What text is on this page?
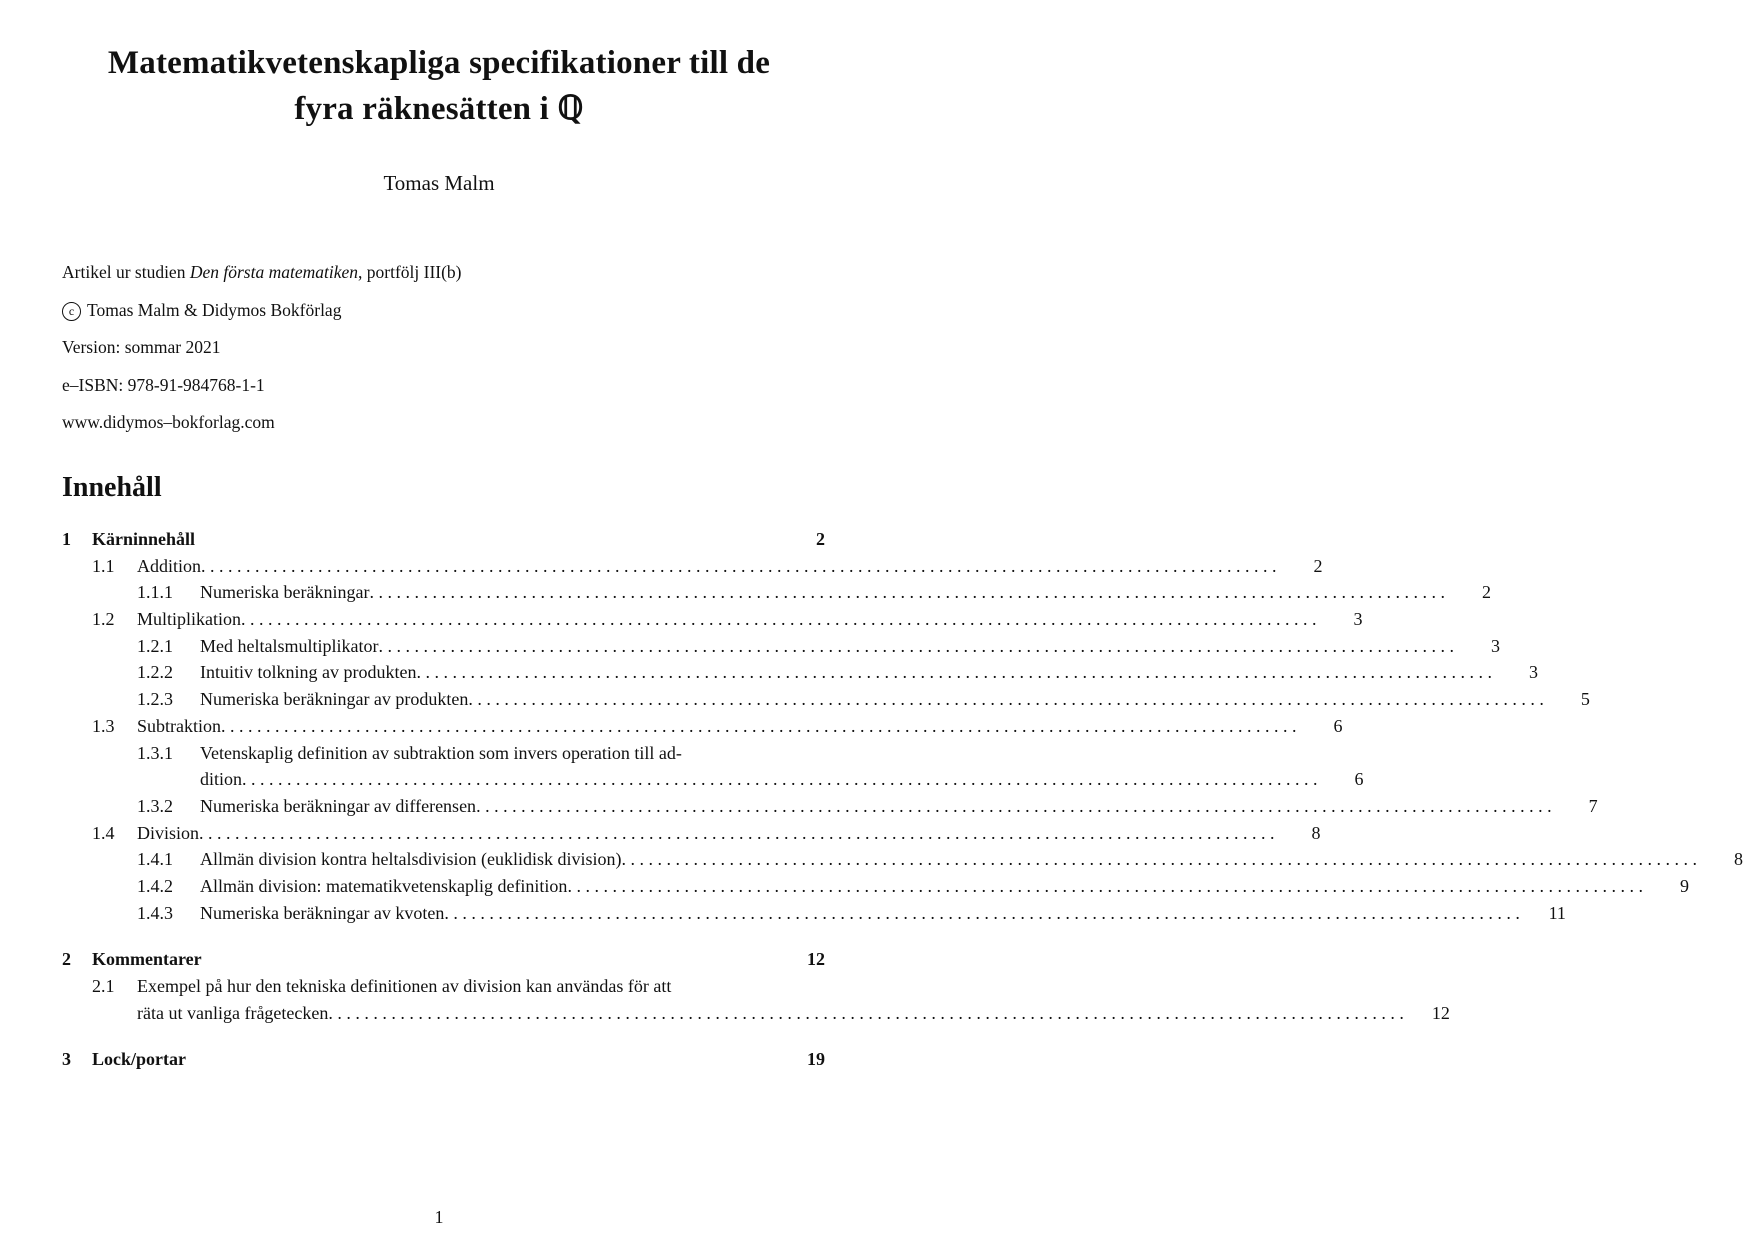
Matematikvetenskapliga specifikationer till de
fyra räknesätten i ℚ
Tomas Malm
Artikel ur studien Den första matematiken, portfölj III(b)
c Tomas Malm & Didymos Bokförlag
Version: sommar 2021
e–ISBN: 978-91-984768-1-1
www.didymos–bokforlag.com
Innehåll
1 Kärninnehåll	2
1.1 Addition . . . . . . . . . . . . . . . . . . . . . . . . . . . . . . . . . . . . . . . . . . . . . . . . . . . . . . . . . . . . . . . . . . . . . . . . . . . . . . . . . . . . . . . . . . . . . . . . . . . . . . . . . . . . . . . . . . . . . . . .	2
1.1.1 Numeriska beräkningar . . . . . . . . . . . . . . . . . . . . . . . . . . . . . . . . . . . . . . . . . . . . . . . . . . . . . . . . . . . . . . . . . . . . . . . . . . . . . . . . . . . . . . . . . . . . . . . . . . . . . . . . . . . . . . . . . . . . . . . .	2
1.2 Multiplikation . . . . . . . . . . . . . . . . . . . . . . . . . . . . . . . . . . . . . . . . . . . . . . . . . . . . . . . . . . . . . . . . . . . . . . . . . . . . . . . . . . . . . . . . . . . . . . . . . . . . . . . . . . . . . . . . . . . . . . . .	3
1.2.1 Med heltalsmultiplikator . . . . . . . . . . . . . . . . . . . . . . . . . . . . . . . . . . . . . . . . . . . . . . . . . . . . . . . . . . . . . . . . . . . . . . . . . . . . . . . . . . . . . . . . . . . . . . . . . . . . . . . . . . . . . . . . . . . . . . . .	3
1.2.2 Intuitiv tolkning av produkten . . . . . . . . . . . . . . . . . . . . . . . . . . . . . . . . . . . . . . . . . . . . . . . . . . . . . . . . . . . . . . . . . . . . . . . . . . . . . . . . . . . . . . . . . . . . . . . . . . . . . . . . . . . . . . . . . . . . . . . .	3
1.2.3 Numeriska beräkningar av produkten . . . . . . . . . . . . . . . . . . . . . . . . . . . . . . . . . . . . . . . . . . . . . . . . . . . . . . . . . . . . . . . . . . . . . . . . . . . . . . . . . . . . . . . . . . . . . . . . . . . . . . . . . . . . . . . . . . . . . . . .	5
1.3 Subtraktion . . . . . . . . . . . . . . . . . . . . . . . . . . . . . . . . . . . . . . . . . . . . . . . . . . . . . . . . . . . . . . . . . . . . . . . . . . . . . . . . . . . . . . . . . . . . . . . . . . . . . . . . . . . . . . . . . . . . . . . .	6
1.3.1 Vetenskaplig definition av subtraktion som invers operation till ad-
dition . . . . . . . . . . . . . . . . . . . . . . . . . . . . . . . . . . . . . . . . . . . . . . . . . . . . . . . . . . . . . . . . . . . . . . . . . . . . . . . . . . . . . . . . . . . . . . . . . . . . . . . . . . . . . . . . . . . . . . . .	6
1.3.2 Numeriska beräkningar av differensen . . . . . . . . . . . . . . . . . . . . . . . . . . . . . . . . . . . . . . . . . . . . . . . . . . . . . . . . . . . . . . . . . . . . . . . . . . . . . . . . . . . . . . . . . . . . . . . . . . . . . . . . . . . . . . . . . . . . . . . .	7
1.4 Division . . . . . . . . . . . . . . . . . . . . . . . . . . . . . . . . . . . . . . . . . . . . . . . . . . . . . . . . . . . . . . . . . . . . . . . . . . . . . . . . . . . . . . . . . . . . . . . . . . . . . . . . . . . . . . . . . . . . . . . .	8
1.4.1 Allmän division kontra heltalsdivision (euklidisk division) . . . . . . . . . . . . . . . . . . . . . . . . . . . . . . . . . . . . . . . . . . . . . . . . . . . . . . . . . . . . . . . . . . . . . . . . . . . . . . . . . . . . . . . . . . . . . . . . . . . . . . . . . . . . . . . . . . . . . . . .	8
1.4.2 Allmän division: matematikvetenskaplig definition . . . . . . . . . . . . . . . . . . . . . . . . . . . . . . . . . . . . . . . . . . . . . . . . . . . . . . . . . . . . . . . . . . . . . . . . . . . . . . . . . . . . . . . . . . . . . . . . . . . . . . . . . . . . . . . . . . . . . . . .	9
1.4.3 Numeriska beräkningar av kvoten . . . . . . . . . . . . . . . . . . . . . . . . . . . . . . . . . . . . . . . . . . . . . . . . . . . . . . . . . . . . . . . . . . . . . . . . . . . . . . . . . . . . . . . . . . . . . . . . . . . . . . . . . . . . . . . . . . . . . . . .	11
2 Kommentarer	12
2.1 Exempel på hur den tekniska definitionen av division kan användas för att
räta ut vanliga frågetecken . . . . . . . . . . . . . . . . . . . . . . . . . . . . . . . . . . . . . . . . . . . . . . . . . . . . . . . . . . . . . . . . . . . . . . . . . . . . . . . . . . . . . . . . . . . . . . . . . . . . . . . . . . . . . . . . . . . . . . . .	12
3 Lock/portar	19
1
